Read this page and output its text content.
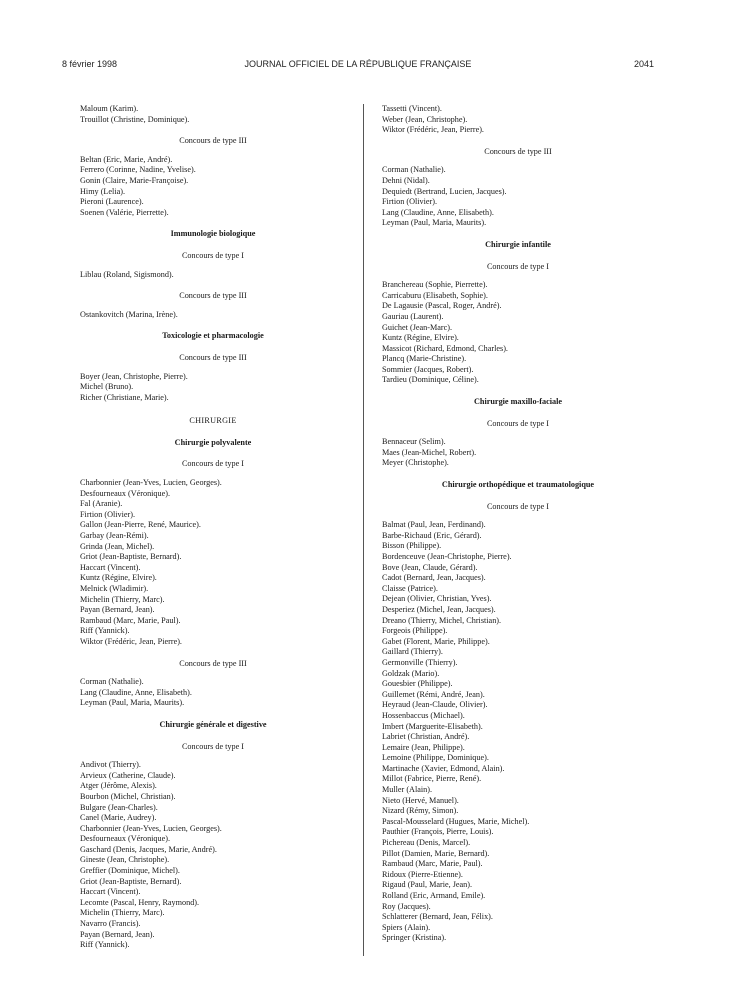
8 février 1998	JOURNAL OFFICIEL DE LA RÉPUBLIQUE FRANÇAISE	2041
Maloum (Karim).
Trouillot (Christine, Dominique).
Concours de type III
Beltan (Eric, Marie, André).
Ferrero (Corinne, Nadine, Yvelise).
Gonin (Claire, Marie-Françoise).
Himy (Lelia).
Pieroni (Laurence).
Soenen (Valérie, Pierrette).
Immunologie biologique
Concours de type I
Liblau (Roland, Sigismond).
Concours de type III
Ostankovitch (Marina, Irène).
Toxicologie et pharmacologie
Concours de type III
Boyer (Jean, Christophe, Pierre).
Michel (Bruno).
Richer (Christiane, Marie).
CHIRURGIE
Chirurgie polyvalente
Concours de type I
Charbonnier (Jean-Yves, Lucien, Georges).
Desfourneaux (Véronique).
Fal (Aranie).
Firtion (Olivier).
Gallon (Jean-Pierre, René, Maurice).
Garbay (Jean-Rémi).
Grinda (Jean, Michel).
Griot (Jean-Baptiste, Bernard).
Haccart (Vincent).
Kuntz (Régine, Elvire).
Melnick (Wladimir).
Michelin (Thierry, Marc).
Payan (Bernard, Jean).
Rambaud (Marc, Marie, Paul).
Riff (Yannick).
Wiktor (Frédéric, Jean, Pierre).
Concours de type III
Corman (Nathalie).
Lang (Claudine, Anne, Elisabeth).
Leyman (Paul, Maria, Maurits).
Chirurgie générale et digestive
Concours de type I
Andivot (Thierry).
Arvieux (Catherine, Claude).
Atger (Jérôme, Alexis).
Bourbon (Michel, Christian).
Bulgare (Jean-Charles).
Canel (Marie, Audrey).
Charbonnier (Jean-Yves, Lucien, Georges).
Desfourneaux (Véronique).
Gaschard (Denis, Jacques, Marie, André).
Gineste (Jean, Christophe).
Greffier (Dominique, Michel).
Griot (Jean-Baptiste, Bernard).
Haccart (Vincent).
Lecomte (Pascal, Henry, Raymond).
Michelin (Thierry, Marc).
Navarro (Francis).
Payan (Bernard, Jean).
Riff (Yannick).
Tassetti (Vincent).
Weber (Jean, Christophe).
Wiktor (Frédéric, Jean, Pierre).
Concours de type III
Corman (Nathalie).
Dehni (Nidal).
Dequiedt (Bertrand, Lucien, Jacques).
Firtion (Olivier).
Lang (Claudine, Anne, Elisabeth).
Leyman (Paul, Maria, Maurits).
Chirurgie infantile
Concours de type I
Branchereau (Sophie, Pierrette).
Carricaburu (Elisabeth, Sophie).
De Lagausie (Pascal, Roger, André).
Gauriau (Laurent).
Guichet (Jean-Marc).
Kuntz (Régine, Elvire).
Massicot (Richard, Edmond, Charles).
Plancq (Marie-Christine).
Sommier (Jacques, Robert).
Tardieu (Dominique, Céline).
Chirurgie maxillo-faciale
Concours de type I
Bennaceur (Selim).
Maes (Jean-Michel, Robert).
Meyer (Christophe).
Chirurgie orthopédique et traumatologique
Concours de type I
Balmat (Paul, Jean, Ferdinand).
Barbe-Richaud (Eric, Gérard).
Bisson (Philippe).
Bordenceuve (Jean-Christophe, Pierre).
Bove (Jean, Claude, Gérard).
Cadot (Bernard, Jean, Jacques).
Claisse (Patrice).
Dejean (Olivier, Christian, Yves).
Desperiez (Michel, Jean, Jacques).
Dreano (Thierry, Michel, Christian).
Forgeois (Philippe).
Gabet (Florent, Marie, Philippe).
Gaillard (Thierry).
Germonville (Thierry).
Goldzak (Mario).
Gouesbier (Philippe).
Guillemet (Rémi, André, Jean).
Heyraud (Jean-Claude, Olivier).
Hossenbaccus (Michael).
Imbert (Marguerite-Elisabeth).
Labriet (Christian, André).
Lemaire (Jean, Philippe).
Lemoine (Philippe, Dominique).
Martinache (Xavier, Edmond, Alain).
Millot (Fabrice, Pierre, René).
Muller (Alain).
Nieto (Hervé, Manuel).
Nizard (Rémy, Simon).
Pascal-Mousselard (Hugues, Marie, Michel).
Pauthier (François, Pierre, Louis).
Pichereau (Denis, Marcel).
Pillot (Damien, Marie, Bernard).
Rambaud (Marc, Marie, Paul).
Ridoux (Pierre-Etienne).
Rigaud (Paul, Marie, Jean).
Rolland (Eric, Armand, Emile).
Roy (Jacques).
Schlatterer (Bernard, Jean, Félix).
Spiers (Alain).
Springer (Kristina).
